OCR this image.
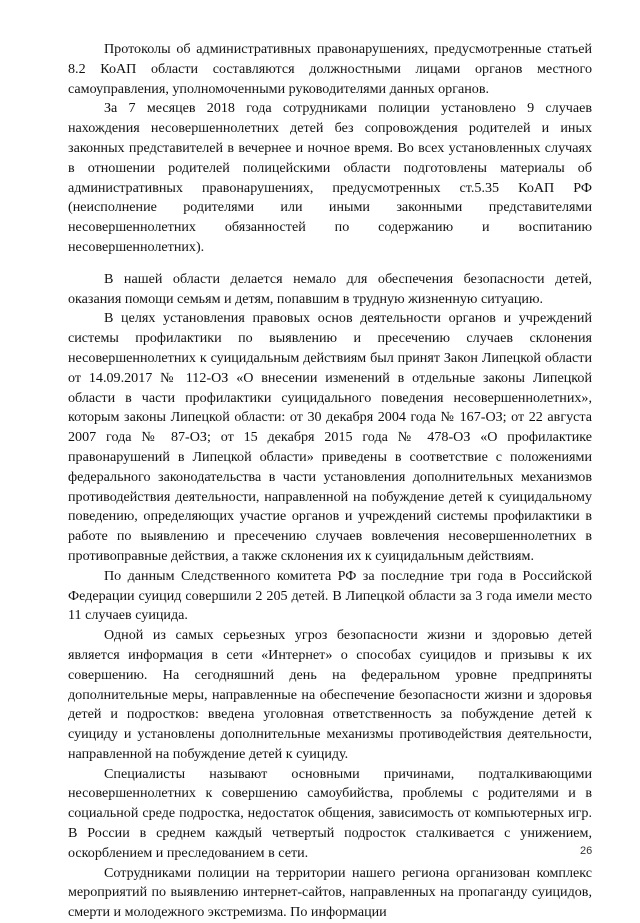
Протоколы об административных правонарушениях, предусмотренные статьей 8.2 КоАП области составляются должностными лицами органов местного самоуправления, уполномоченными руководителями данных органов.

За 7 месяцев 2018 года сотрудниками полиции установлено 9 случаев нахождения несовершеннолетних детей без сопровождения родителей и иных законных представителей в вечернее и ночное время. Во всех установленных случаях в отношении родителей полицейскими области подготовлены материалы об административных правонарушениях, предусмотренных ст.5.35 КоАП РФ (неисполнение родителями или иными законными представителями несовершеннолетних обязанностей по содержанию и воспитанию несовершеннолетних).

В нашей области делается немало для обеспечения безопасности детей, оказания помощи семьям и детям, попавшим в трудную жизненную ситуацию.

В целях установления правовых основ деятельности органов и учреждений системы профилактики по выявлению и пресечению случаев склонения несовершеннолетних к суицидальным действиям был принят Закон Липецкой области от 14.09.2017 № 112-ОЗ «О внесении изменений в отдельные законы Липецкой области в части профилактики суицидального поведения несовершеннолетних», которым законы Липецкой области: от 30 декабря 2004 года № 167-ОЗ; от 22 августа 2007 года № 87-ОЗ; от 15 декабря 2015 года № 478-ОЗ «О профилактике правонарушений в Липецкой области» приведены в соответствие с положениями федерального законодательства в части установления дополнительных механизмов противодействия деятельности, направленной на побуждение детей к суицидальному поведению, определяющих участие органов и учреждений системы профилактики в работе по выявлению и пресечению случаев вовлечения несовершеннолетних в противоправные действия, а также склонения их к суицидальным действиям.

По данным Следственного комитета РФ за последние три года в Российской Федерации суицид совершили 2 205 детей. В Липецкой области за 3 года имели место 11 случаев суицида.

Одной из самых серьезных угроз безопасности жизни и здоровью детей является информация в сети «Интернет» о способах суицидов и призывы к их совершению. На сегодняшний день на федеральном уровне предприняты дополнительные меры, направленные на обеспечение безопасности жизни и здоровья детей и подростков: введена уголовная ответственность за побуждение детей к суициду и установлены дополнительные механизмы противодействия деятельности, направленной на побуждение детей к суициду.

Специалисты называют основными причинами, подталкивающими несовершеннолетних к совершению самоубийства, проблемы с родителями и в социальной среде подростка, недостаток общения, зависимость от компьютерных игр. В России в среднем каждый четвертый подросток сталкивается с унижением, оскорблением и преследованием в сети.

Сотрудниками полиции на территории нашего региона организован комплекс мероприятий по выявлению интернет-сайтов, направленных на пропаганду суицидов, смерти и молодежного экстремизма. По информации

26
